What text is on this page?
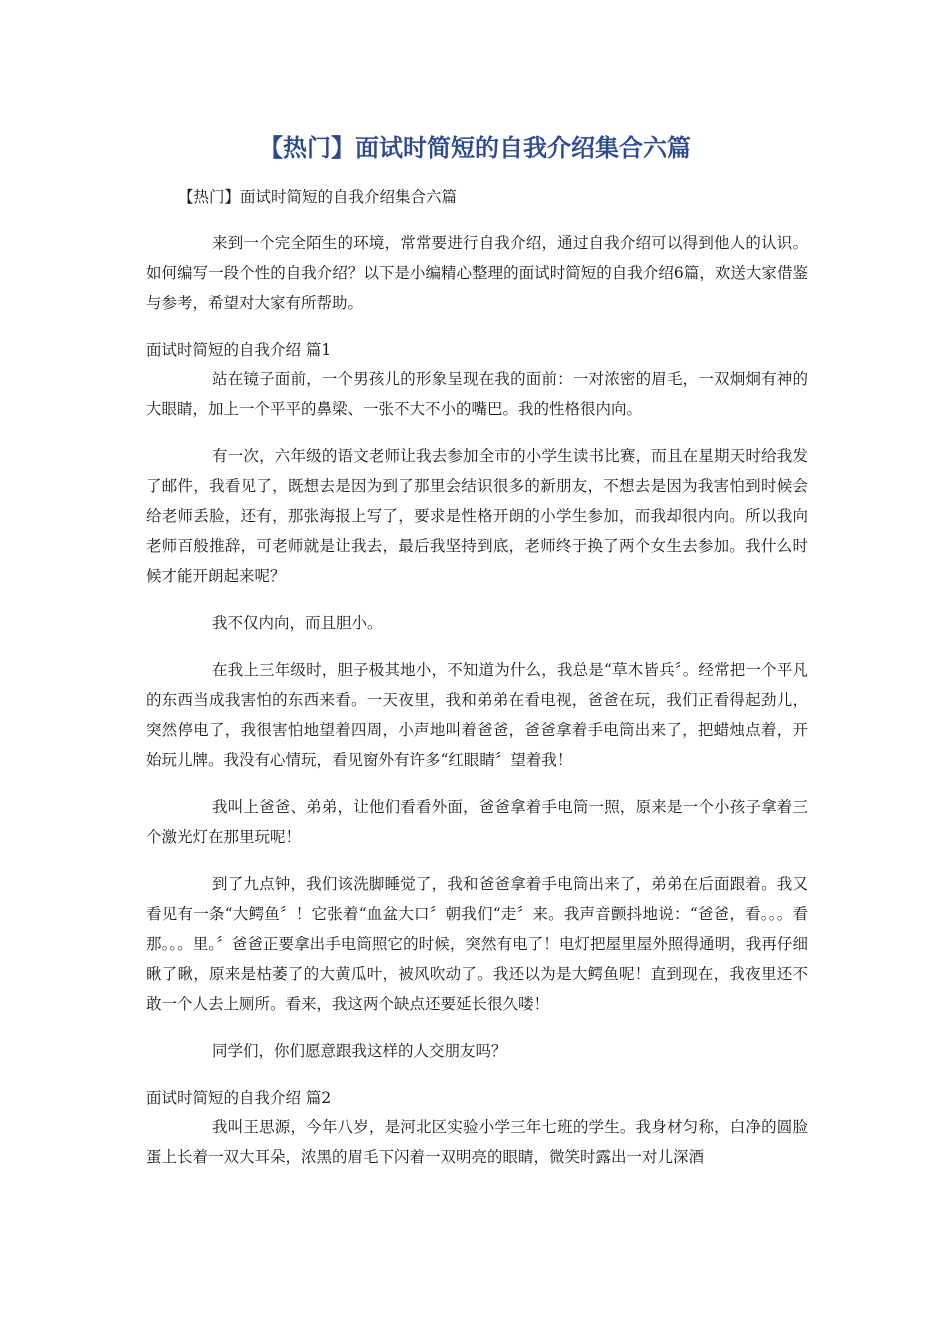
【热门】面试时简短的自我介绍集合六篇

【热门】面试时简短的自我介绍集合六篇

来到一个完全陌生的环境，常常要进行自我介绍，通过自我介绍可以得到他人的认识。如何编写一段个性的自我介绍？以下是小编精心整理的面试时简短的自我介绍6篇，欢送大家借鉴与参考，希望对大家有所帮助。

面试时简短的自我介绍 篇1

站在镜子面前，一个男孩儿的形象呈现在我的面前：一对浓密的眉毛，一双炯炯有神的大眼睛，加上一个平平的鼻梁、一张不大不小的嘴巴。我的性格很内向。

有一次，六年级的语文老师让我去参加全市的小学生读书比赛，而且在星期天时给我发了邮件，我看见了，既想去是因为到了那里会结识很多的新朋友，不想去是因为我害怕到时候会给老师丢脸，还有，那张海报上写了，要求是性格开朗的小学生参加，而我却很内向。所以我向老师百般推辞，可老师就是让我去，最后我坚持到底，老师终于换了两个女生去参加。我什么时候才能开朗起来呢？

我不仅内向，而且胆小。

在我上三年级时，胆子极其地小，不知道为什么，我总是“草木皆兵〞。经常把一个平凡的东西当成我害怕的东西来看。一天夜里，我和弟弟在看电视，爸爸在玩，我们正看得起劲儿，突然停电了，我很害怕地望着四周，小声地叫着爸爸，爸爸拿着手电筒出来了，把蜡烛点着，开始玩儿牌。我没有心情玩，看见窗外有许多“红眼睛〞望着我！

我叫上爸爸、弟弟，让他们看看外面，爸爸拿着手电筒一照，原来是一个小孩子拿着三个激光灯在那里玩呢！

到了九点钟，我们该洗脚睡觉了，我和爸爸拿着手电筒出来了，弟弟在后面跟着。我又看见有一条“大鳄鱼〞！它张着“血盆大口〞朝我们“走〞来。我声音颤抖地说：“爸爸，看。。。看那。。。里。〞爸爸正要拿出手电筒照它的时候，突然有电了！电灯把屋里屋外照得通明，我再仔细瞅了瞅，原来是枯萎了的大黄瓜叶，被风吹动了。我还以为是大鳄鱼呢！直到现在，我夜里还不敢一个人去上厕所。看来，我这两个缺点还要延长很久喽！

同学们，你们愿意跟我这样的人交朋友吗？

面试时简短的自我介绍 篇2

我叫王思源，今年八岁，是河北区实验小学三年七班的学生。我身材匀称，白净的圆脸蛋上长着一双大耳朵，浓黑的眉毛下闪着一双明亮的眼睛，微笑时露出一对儿深酒
